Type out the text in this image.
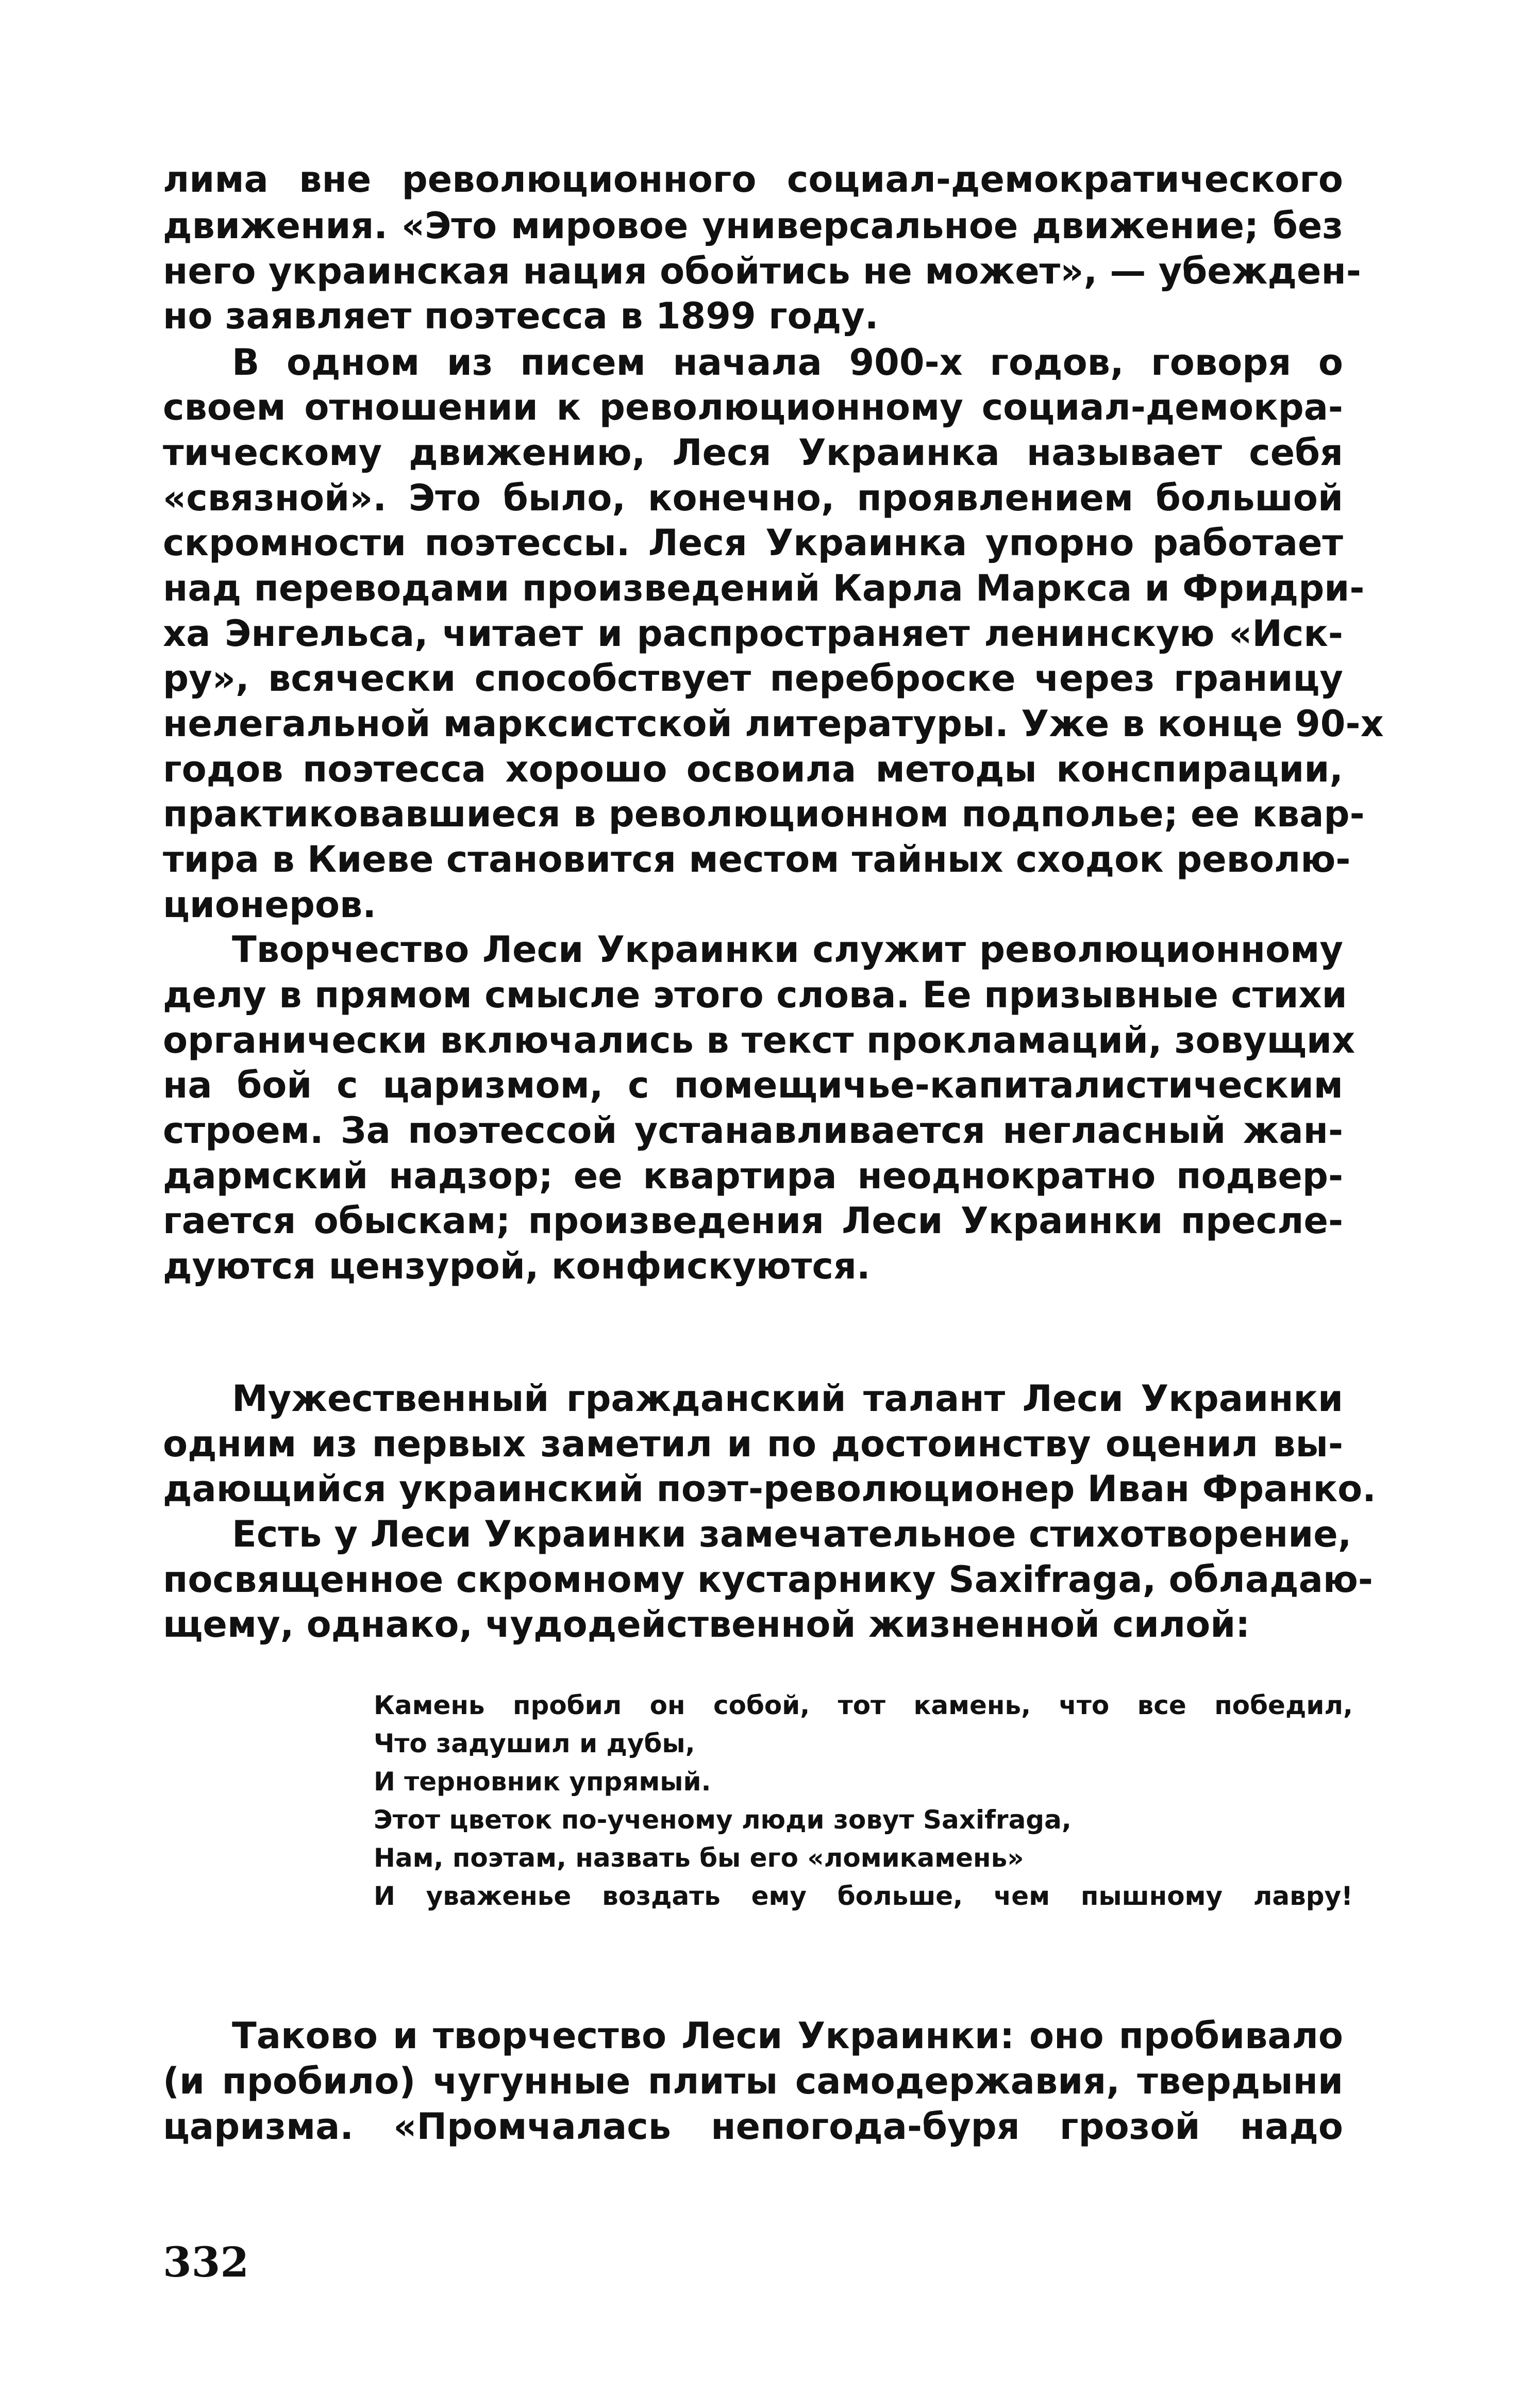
лима вне революционного социал-демократического
движения. «Это мировое универсальное движение; без
него украинская нация обойтись не может», — убежден-
но заявляет поэтесса в 1899 году.
В одном из писем начала 900-х годов, говоря о
своем отношении к революционному социал-демокра-
тическому движению, Леся Украинка называет себя
«связной». Это было, конечно, проявлением большой
скромности поэтессы. Леся Украинка упорно работает
над переводами произведений Карла Маркса и Фридри-
ха Энгельса, читает и распространяет ленинскую «Иск-
ру», всячески способствует переброске через границу
нелегальной марксистской литературы. Уже в конце 90-х
годов поэтесса хорошо освоила методы конспирации,
практиковавшиеся в революционном подполье; ее квар-
тира в Киеве становится местом тайных сходок револю-
ционеров.
Творчество Леси Украинки служит революционному
делу в прямом смысле этого слова. Ее призывные стихи
органически включались в текст прокламаций, зовущих
на бой с царизмом, с помещичье-капиталистическим
строем. За поэтессой устанавливается негласный жан-
дармский надзор; ее квартира неоднократно подвер-
гается обыскам; произведения Леси Украинки пресле-
дуются цензурой, конфискуются.
Мужественный гражданский талант Леси Украинки
одним из первых заметил и по достоинству оценил вы-
дающийся украинский поэт-революционер Иван Франко.
Есть у Леси Украинки замечательное стихотворение,
посвященное скромному кустарнику Saxifraga, обладаю-
щему, однако, чудодейственной жизненной силой:
Камень пробил он собой, тот камень, что все победил,
Что задушил и дубы,
И терновник упрямый.
Этот цветок по-ученому люди зовут Saxifraga,
Нам, поэтам, назвать бы его «ломикамень»
И уваженье воздать ему больше, чем пышному лавру!
Таково и творчество Леси Украинки: оно пробивало
(и пробило) чугунные плиты самодержавия, твердыни
царизма. «Промчалась непогода-буря грозой надо
332
